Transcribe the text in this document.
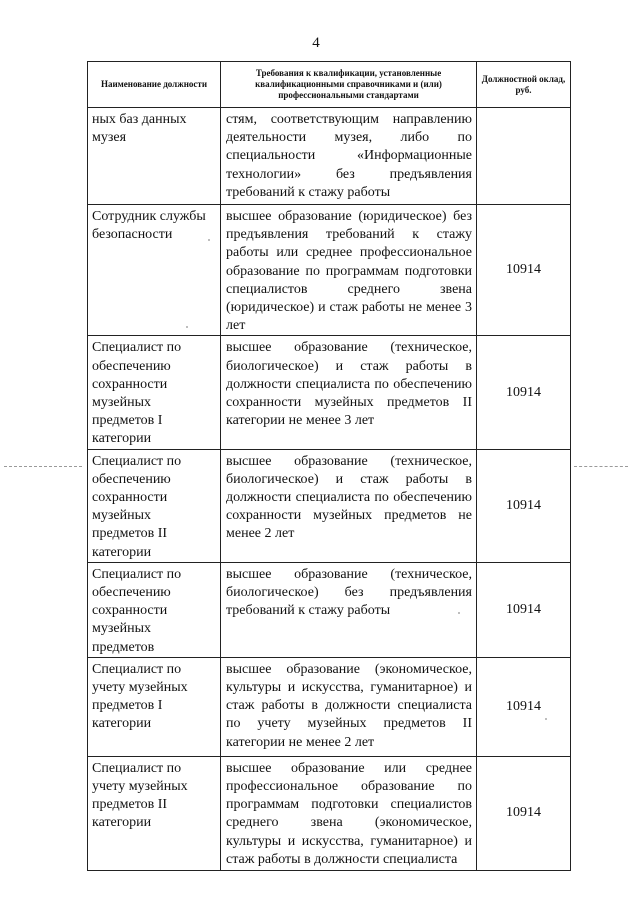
4
Наименование должности	Требования к квалификации, установленные квалификационными справочниками и (или) профессиональными стандартами	Должностной оклад, руб.
ных баз данных музея	стям, соответствующим направлению деятельности музея, либо по специальности «Информационные технологии» без предъявления требований к стажу работы	
Сотрудник службы безопасности	высшее образование (юридическое) без предъявления требований к стажу работы или среднее профессиональное образование по программам подготовки специалистов среднего звена (юридическое) и стаж работы не менее 3 лет	10914
Специалист по обеспечению сохранности музейных предметов I категории	высшее образование (техническое, биологическое) и стаж работы в должности специалиста по обеспечению сохранности музейных предметов II категории не менее 3 лет	10914
Специалист по обеспечению сохранности музейных предметов II категории	высшее образование (техническое, биологическое) и стаж работы в должности специалиста по обеспечению сохранности музейных предметов не менее 2 лет	10914
Специалист по обеспечению сохранности музейных предметов	высшее образование (техническое, биологическое) без предъявления требований к стажу работы	10914
Специалист по учету музейных предметов I категории	высшее образование (экономическое, культуры и искусства, гуманитарное) и стаж работы в должности специалиста по учету музейных предметов II категории не менее 2 лет	10914
Специалист по учету музейных предметов II категории	высшее образование или среднее профессиональное образование по программам подготовки специалистов среднего звена (экономическое, культуры и искусства, гуманитарное) и стаж работы в должности специалиста	10914
